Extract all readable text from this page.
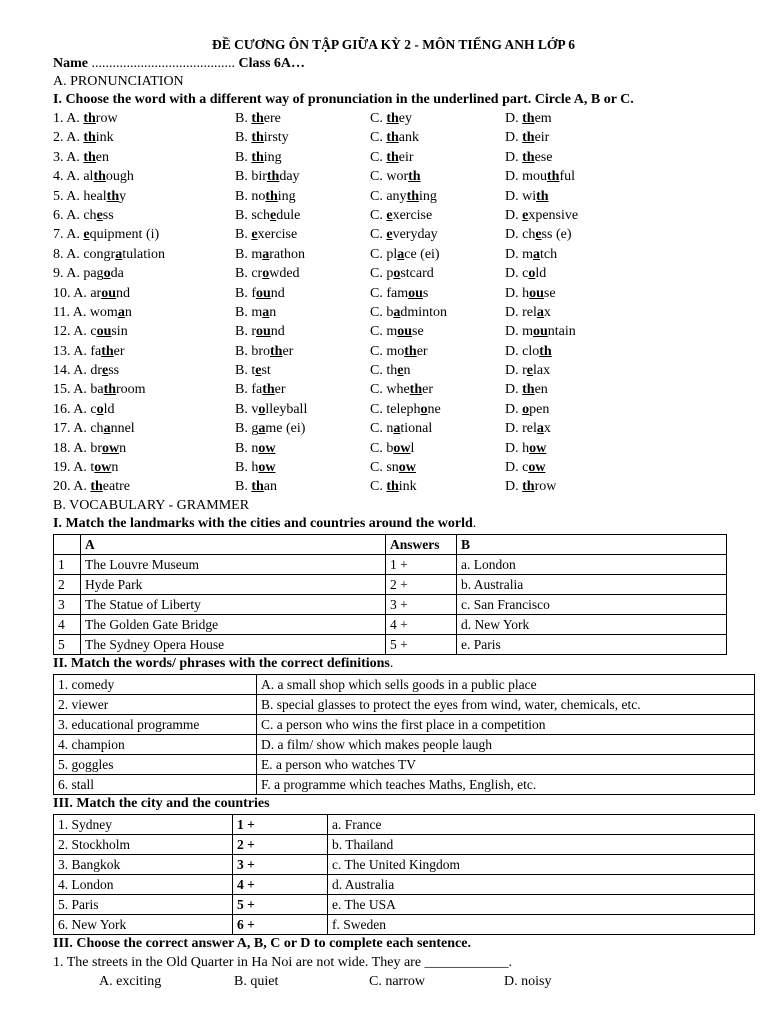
ĐỀ CƯƠNG ÔN TẬP GIỮA KỲ 2 - MÔN TIẾNG ANH LỚP 6
Name ......................................... Class 6A…
A. PRONUNCIATION
I. Choose the word with a different way of pronunciation in the underlined part. Circle A, B or C.
1. A. throw	B. there	C. they	D. them
2. A. think	B. thirsty	C. thank	D. their
3. A. then	B. thing	C. their	D. these
4. A. although	B. birthday	C. worth	D. mouthful
5. A. healthy	B. nothing	C. anything	D. with
6. A. chess	B. schedule	C. exercise	D. expensive
7. A. equipment (i)	B. exercise	C. everyday	D. chess (e)
8. A. congratulation	B. marathon	C. place (ei)	D. match
9. A. pagoda	B. crowded	C. postcard	D. cold
10. A. around	B. found	C. famous	D. house
11. A. woman	B. man	C. badminton	D. relax
12. A. cousin	B. round	C. mouse	D. mountain
13. A. father	B. brother	C. mother	D. cloth
14. A. dress	B. test	C. then	D. relax
15. A. bathroom	B. father	C. whether	D. then
16. A. cold	B. volleyball	C. telephone	D. open
17. A. channel	B. game (ei)	C. national	D. relax
18. A. brown	B. now	C. bowl	D. how
19. A. town	B. how	C. snow	D. cow
20. A. theatre	B. than	C. think	D. throw
B. VOCABULARY - GRAMMER
I. Match the landmarks with the cities and countries around the world.
	A	Answers	B
1	The Louvre Museum	1 +	a. London
2	Hyde Park	2 +	b. Australia
3	The Statue of Liberty	3 +	c. San Francisco
4	The Golden Gate Bridge	4 +	d. New York
5	The Sydney Opera House	5 +	e. Paris
II. Match the words/ phrases with the correct definitions.
1. comedy	A. a small shop which sells goods in a public place
2. viewer	B. special glasses to protect the eyes from wind, water, chemicals, etc.
3. educational programme	C. a person who wins the first place in a competition
4. champion	D. a film/ show which makes people laugh
5. goggles	E. a person who watches TV
6. stall	F. a programme which teaches Maths, English, etc.
III. Match the city and the countries
1. Sydney	1 +	a. France
2. Stockholm	2 +	b. Thailand
3. Bangkok	3 +	c. The United Kingdom
4. London	4 +	d. Australia
5. Paris	5 +	e. The USA
6. New York	6 +	f. Sweden
III. Choose the correct answer A, B, C or D to complete each sentence.
1. The streets in the Old Quarter in Ha Noi are not wide. They are ____________.
A. exciting	B. quiet	C. narrow	D. noisy
